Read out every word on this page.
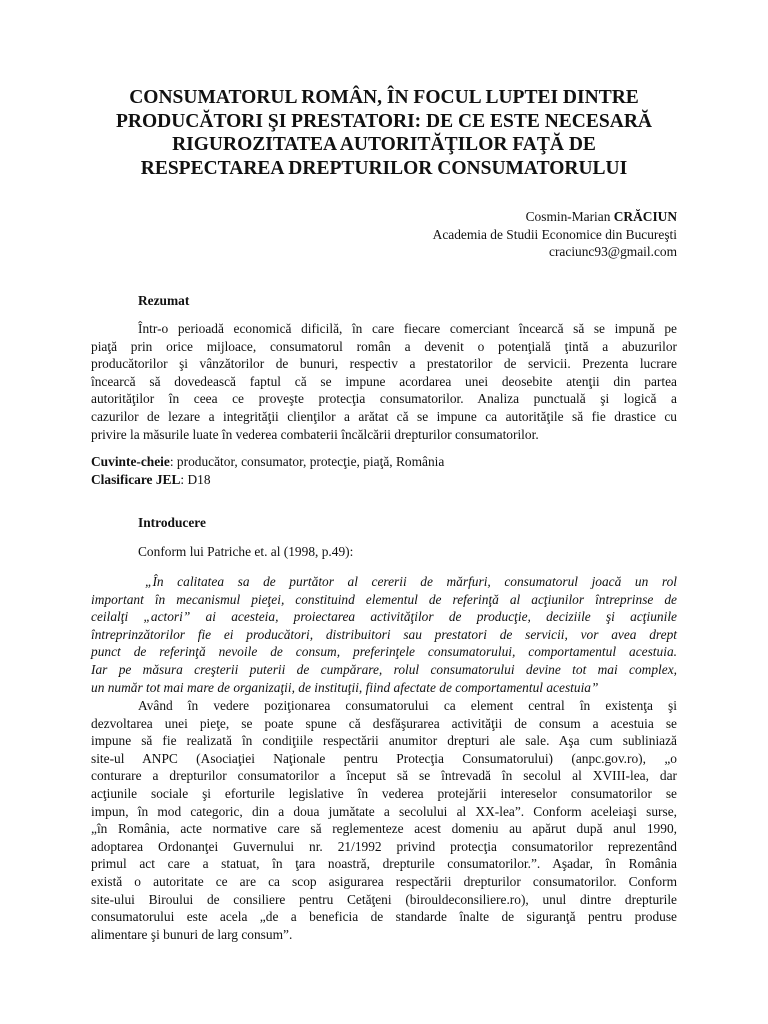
CONSUMATORUL ROMÂN, ÎN FOCUL LUPTEI DINTRE
PRODUCĂTORI ŞI PRESTATORI: DE CE ESTE NECESARĂ
RIGUROZITATEA AUTORITĂŢILOR FAŢĂ DE
RESPECTAREA DREPTURILOR CONSUMATORULUI
Cosmin-Marian CRĂCIUN
Academia de Studii Economice din Bucureşti
craciunc93@gmail.com
Rezumat
Într-o perioadă economică dificilă, în care fiecare comerciant încearcă să se impună pe
piaţă prin orice mijloace, consumatorul român a devenit o potenţială ţintă a abuzurilor
producătorilor şi vânzătorilor de bunuri, respectiv a prestatorilor de servicii. Prezenta lucrare
încearcă să dovedească faptul că se impune acordarea unei deosebite atenţii din partea
autorităţilor în ceea ce proveşte protecţia consumatorilor. Analiza punctuală şi logică a
cazurilor de lezare a integrităţii clienţilor a arătat că se impune ca autorităţile să fie drastice cu
privire la măsurile luate în vederea combaterii încălcării drepturilor consumatorilor.
Cuvinte-cheie: producător, consumator, protecţie, piaţă, România
Clasificare JEL: D18
Introducere
Conform lui Patriche et. al (1998, p.49):
„În calitatea sa de purtător al cererii de mărfuri, consumatorul joacă un rol
important în mecanismul pieţei, constituind elementul de referinţă al acţiunilor întreprinse de
ceilalţi „actori” ai acesteia, proiectarea activităţilor de producţie, deciziile şi acţiunile
întreprinzătorilor fie ei producători, distribuitori sau prestatori de servicii, vor avea drept
punct de referinţă nevoile de consum, preferinţele consumatorului, comportamentul acestuia.
Iar pe măsura creşterii puterii de cumpărare, rolul consumatorului devine tot mai complex,
un număr tot mai mare de organizaţii, de instituţii, fiind afectate de comportamentul acestuia”
Având în vedere poziţionarea consumatorului ca element central în existenţa şi
dezvoltarea unei pieţe, se poate spune că desfăşurarea activităţii de consum a acestuia se
impune să fie realizată în condiţiile respectării anumitor drepturi ale sale. Aşa cum subliniază
site-ul ANPC (Asociaţiei Naţionale pentru Protecţia Consumatorului) (anpc.gov.ro), „o
conturare a drepturilor consumatorilor a început să se întrevadă în secolul al XVIII-lea, dar
acţiunile sociale şi eforturile legislative în vederea protejării intereselor consumatorilor se
impun, în mod categoric, din a doua jumătate a secolului al XX-lea”. Conform aceleiaşi surse,
„în România, acte normative care să reglementeze acest domeniu au apărut după anul 1990,
adoptarea Ordonanţei Guvernului nr. 21/1992 privind protecţia consumatorilor reprezentând
primul act care a statuat, în ţara noastră, drepturile consumatorilor.”. Aşadar, în România
există o autoritate ce are ca scop asigurarea respectării drepturilor consumatorilor. Conform
site-ului Biroului de consiliere pentru Cetăţeni (birouldeconsiliere.ro), unul dintre drepturile
consumatorului este acela „de a beneficia de standarde înalte de siguranţă pentru produse
alimentare şi bunuri de larg consum”.
